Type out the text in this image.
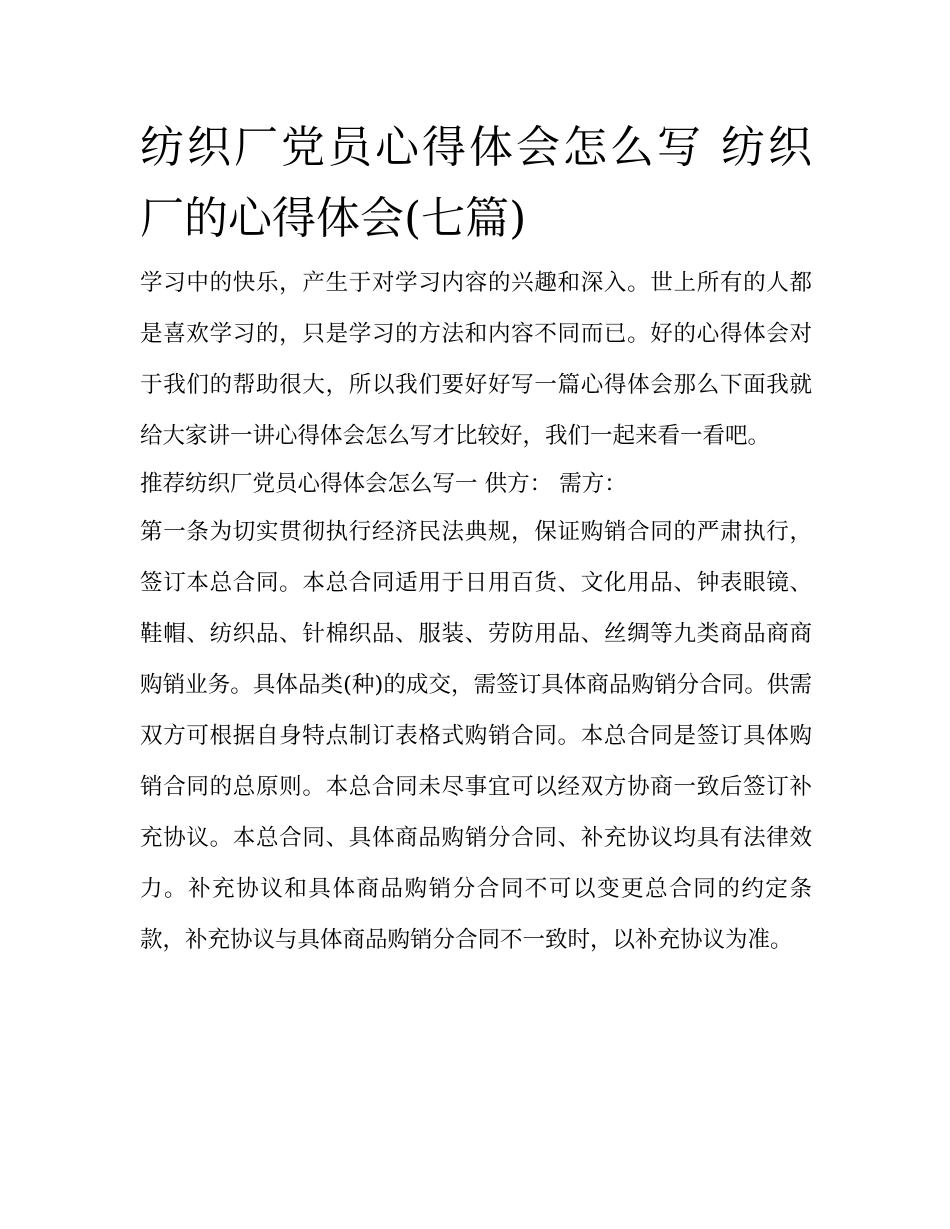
纺织厂党员心得体会怎么写 纺织厂的心得体会(七篇)

学习中的快乐，产生于对学习内容的兴趣和深入。世上所有的人都是喜欢学习的，只是学习的方法和内容不同而已。好的心得体会对于我们的帮助很大，所以我们要好好写一篇心得体会那么下面我就给大家讲一讲心得体会怎么写才比较好，我们一起来看一看吧。

推荐纺织厂党员心得体会怎么写一 供方： 需方：

第一条为切实贯彻执行经济民法典规，保证购销合同的严肃执行，签订本总合同。本总合同适用于日用百货、文化用品、钟表眼镜、鞋帽、纺织品、针棉织品、服装、劳防用品、丝绸等九类商品商商购销业务。具体品类(种)的成交，需签订具体商品购销分合同。供需双方可根据自身特点制订表格式购销合同。本总合同是签订具体购销合同的总原则。本总合同未尽事宜可以经双方协商一致后签订补充协议。本总合同、具体商品购销分合同、补充协议均具有法律效力。补充协议和具体商品购销分合同不可以变更总合同的约定条款，补充协议与具体商品购销分合同不一致时，以补充协议为准。
